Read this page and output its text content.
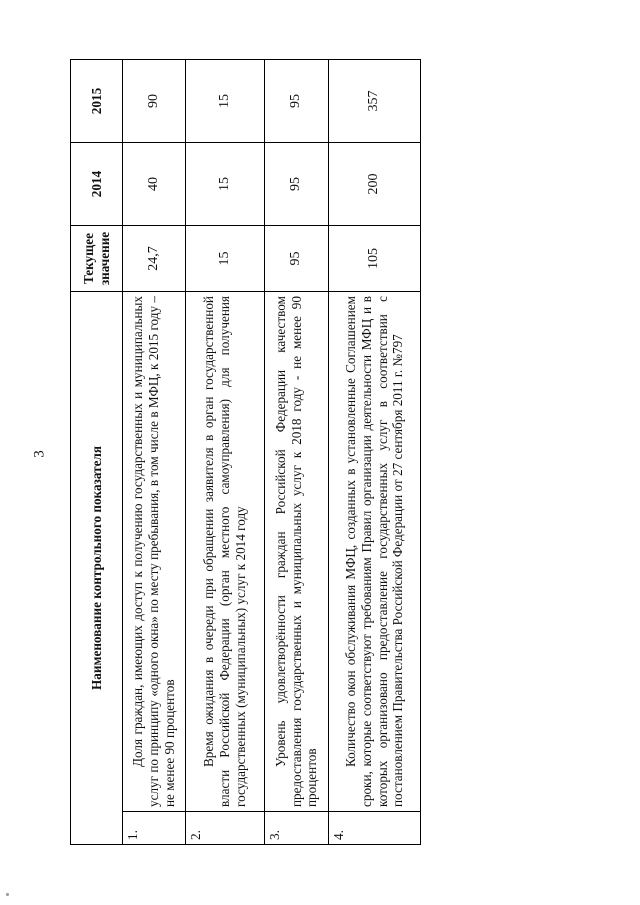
3	Наименование контрольного показателя		Текущее значение	2014	2015
1.	Доля граждан, имеющих доступ к получению государственных и муниципальных услуг по принципу «одного окна» по месту пребывания, в том числе в МФЦ, к 2015 году – не менее 90 процентов	24,7	40	90
2.	Время ожидания в очереди при обращении заявителя в орган государственной власти Российской Федерации (орган местного самоуправления) для получения государственных (муниципальных) услуг к 2014 году	15	15	15
3.	Уровень удовлетворённости граждан Российской Федерации качеством предоставления государственных и муниципальных услуг к 2018 году - не менее 90 процентов	95	95	95
4.	Количество окон обслуживания МФЦ, созданных в установленные Соглашением сроки, которые соответствуют требованиям Правил организации деятельности МФЦ и в которых организовано предоставление государственных услуг в соответствии с постановлением Правительства Российской Федерации от 27 сентября 2011 г. №797	105	200	357
